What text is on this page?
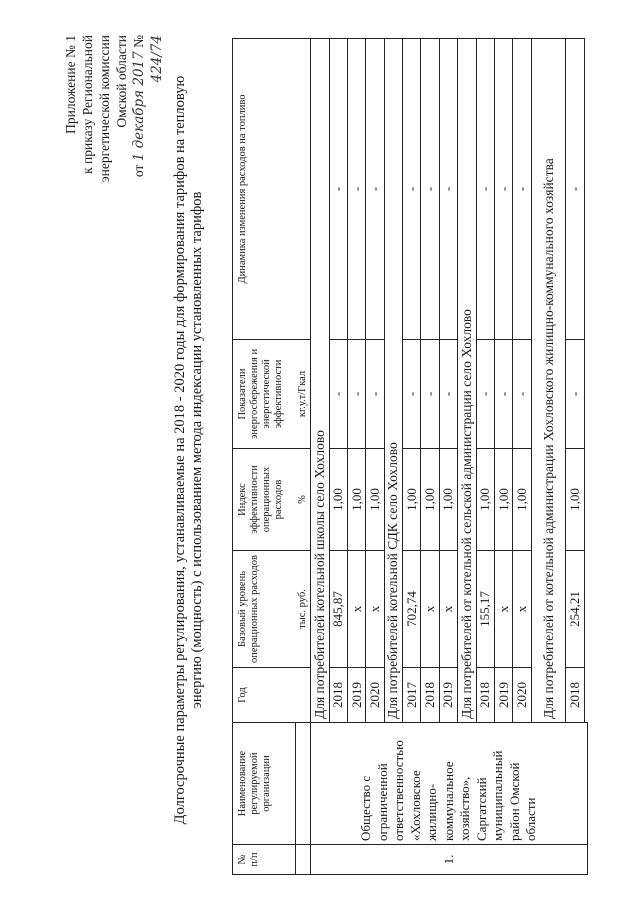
Приложение № 1 к приказу Региональной энергетической комиссии Омской области
от 1 декабря 2017 № 424/74
Долгосрочные параметры регулирования, устанавливаемые на 2018 - 2020 годы для формирования тарифов на тепловую энергию (мощность) с использованием метода индексации установленных тарифов
№ п/п	Наименование регулируемой организации	Год	Базовый уровень операционных расходов	Индекс эффективности операционных расходов	Показатели энергосбережения и энергетической эффективности	Динамика изменения расходов на топливо
			тыс. руб.	%	кг.у.т/Гкал	
1.	Общество с ограниченной ответственностью «Хохловское жилищно-коммунальное хозяйство», Саргатский муниципальный район Омской области	Для потребителей котельной школы село Хохлово				
		2018	845,87	1,00	-	-
		2019	х	1,00	-	-
		2020	х	1,00	-	-
		Для потребителей котельной СДК село Хохлово				
		2017	702,74	1,00	-	-
		2018	х	1,00	-	-
		2019	х	1,00	-	-
		Для потребителей от котельной сельской администрации село Хохлово				
		2018	155,17	1,00	-	-
		2019	х	1,00	-	-
		2020	х	1,00	-	-
		Для потребителей от котельной администрации Хохловского жилищно-коммунального хозяйства				
		2018	254,21	1,00	-	-
